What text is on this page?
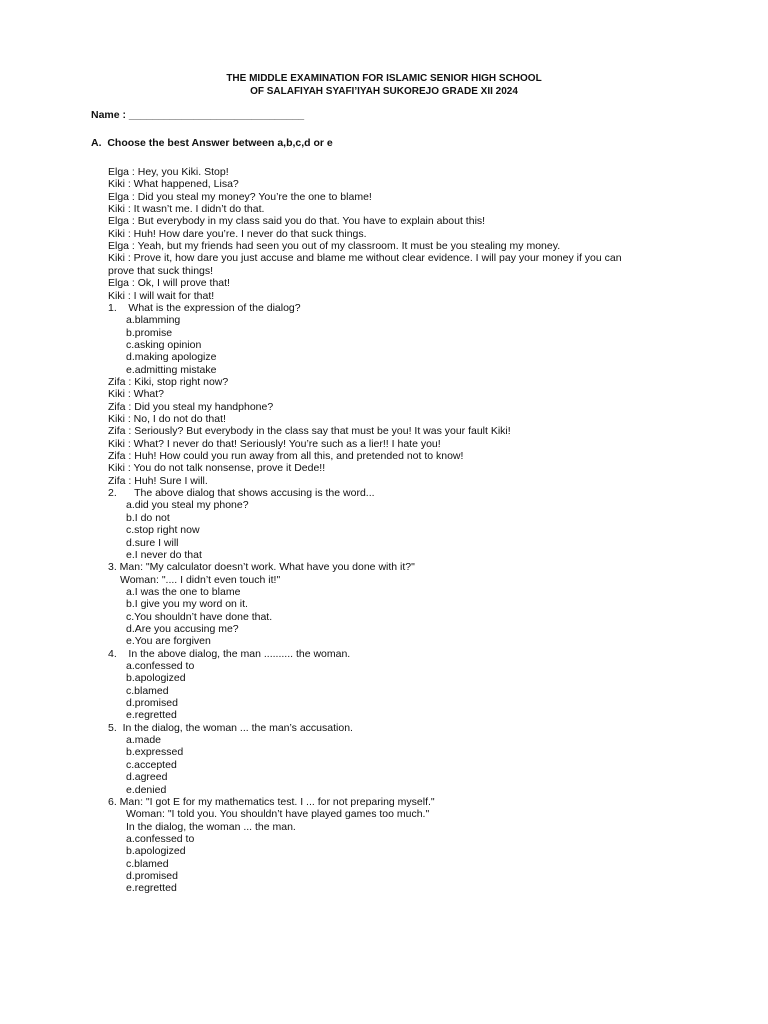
THE MIDDLE EXAMINATION FOR ISLAMIC SENIOR HIGH SCHOOL
OF SALAFIYAH SYAFI’IYAH SUKOREJO GRADE XII 2024
Name : ______________________________
A.  Choose the best Answer between a,b,c,d or e
Elga : Hey, you Kiki. Stop!
Kiki : What happened, Lisa?
Elga : Did you steal my money? You’re the one to blame!
Kiki : It wasn’t me. I didn’t do that.
Elga : But everybody in my class said you do that. You have to explain about this!
Kiki : Huh! How dare you’re. I never do that suck things.
Elga : Yeah, but my friends had seen you out of my classroom. It must be you stealing my money.
Kiki : Prove it, how dare you just accuse and blame me without clear evidence. I will pay your money if you can
prove that suck things!
Elga : Ok, I will prove that!
Kiki : I will wait for that!
1.    What is the expression of the dialog?
a.blamming
b.promise
c.asking opinion
d.making apologize
e.admitting mistake
Zifa : Kiki, stop right now?
Kiki : What?
Zifa : Did you steal my handphone?
Kiki : No, I do not do that!
Zifa : Seriously? But everybody in the class say that must be you! It was your fault Kiki!
Kiki : What? I never do that! Seriously! You’re such as a lier!! I hate you!
Zifa : Huh! How could you run away from all this, and pretended not to know!
Kiki : You do not talk nonsense, prove it Dede!!
Zifa : Huh! Sure I will.
2.      The above dialog that shows accusing is the word...
a.did you steal my phone?
b.I do not
c.stop right now
d.sure I will
e.I never do that
3. Man: "My calculator doesn’t work. What have you done with it?"
Woman: ".... I didn’t even touch it!"
a.I was the one to blame
b.I give you my word on it.
c.You shouldn’t have done that.
d.Are you accusing me?
e.You are forgiven
4.    In the above dialog, the man .......... the woman.
a.confessed to
b.apologized
c.blamed
d.promised
e.regretted
5.  In the dialog, the woman ... the man’s accusation.
a.made
b.expressed
c.accepted
d.agreed
e.denied
6. Man: "I got E for my mathematics test. I ... for not preparing myself."
Woman: "I told you. You shouldn’t have played games too much."
In the dialog, the woman ... the man.
a.confessed to
b.apologized
c.blamed
d.promised
e.regretted
